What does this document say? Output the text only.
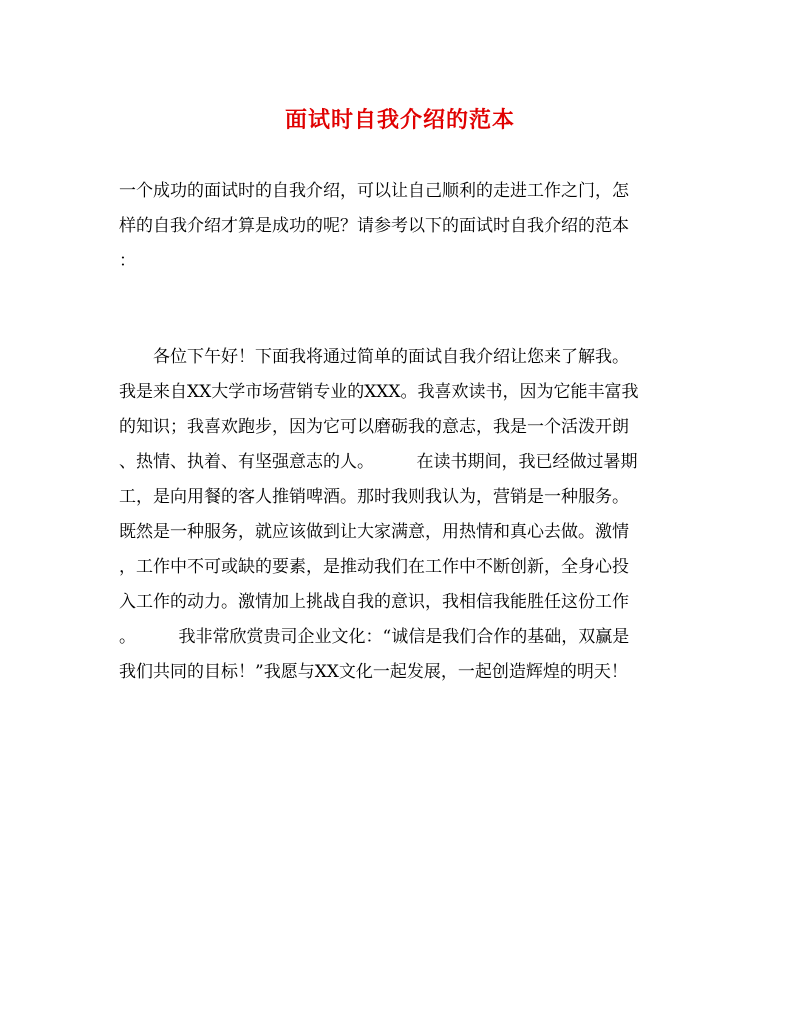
面试时自我介绍的范本
一个成功的面试时的自我介绍，可以让自己顺利的走进工作之门，怎
样的自我介绍才算是成功的呢？请参考以下的面试时自我介绍的范本
：
　　各位下午好！下面我将通过简单的面试自我介绍让您来了解我。
我是来自XX大学市场营销专业的XXX。我喜欢读书，因为它能丰富我
的知识；我喜欢跑步，因为它可以磨砺我的意志，我是一个活泼开朗
、热情、执着、有坚强意志的人。　　　在读书期间，我已经做过暑期
工，是向用餐的客人推销啤酒。那时我则我认为，营销是一种服务。
既然是一种服务，就应该做到让大家满意，用热情和真心去做。激情
，工作中不可或缺的要素，是推动我们在工作中不断创新，全身心投
入工作的动力。激情加上挑战自我的意识，我相信我能胜任这份工作
。　　　我非常欣赏贵司企业文化：“诚信是我们合作的基础，双赢是
我们共同的目标！”我愿与XX文化一起发展，一起创造辉煌的明天！
